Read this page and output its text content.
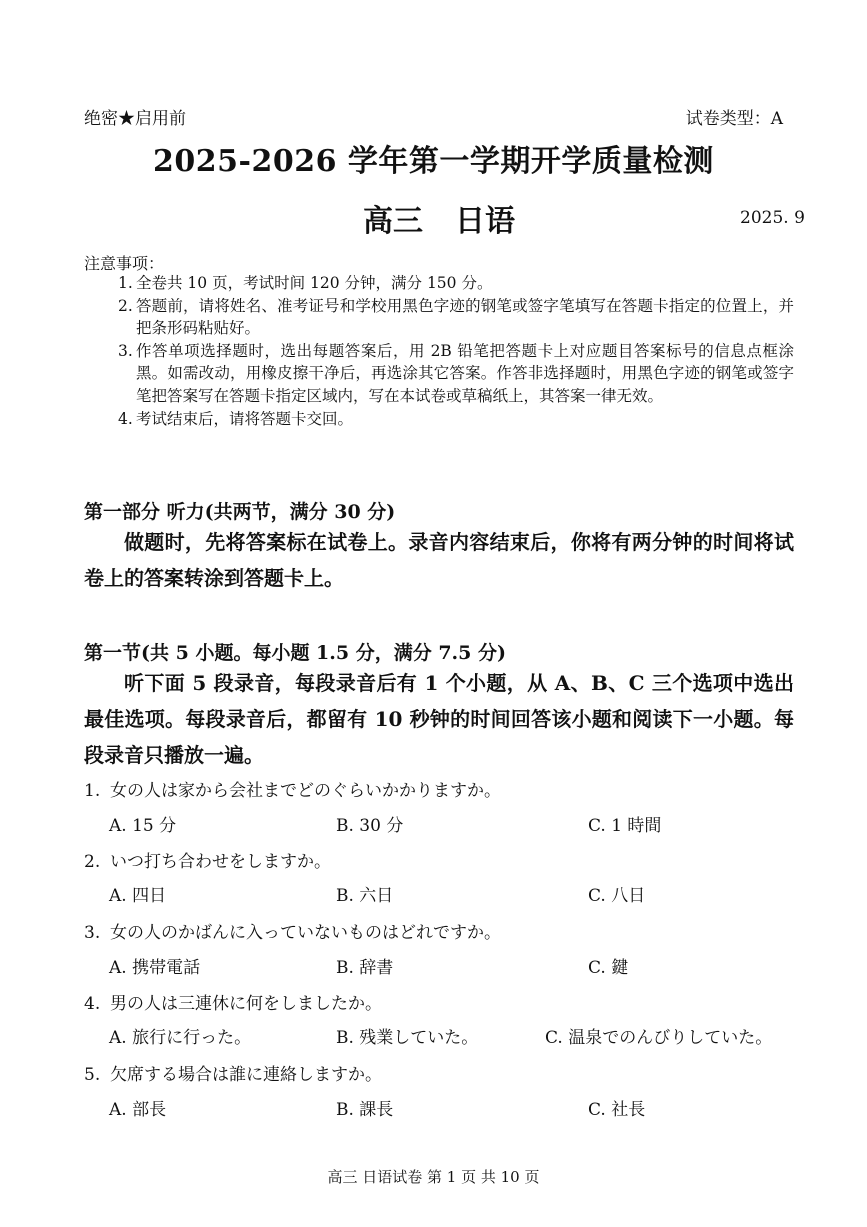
绝密★启用前	试卷类型：A
2025-2026 学年第一学期开学质量检测
高三 日语	2025. 9
注意事项：
1. 全卷共 10 页，考试时间 120 分钟，满分 150 分。
2. 答题前，请将姓名、准考证号和学校用黑色字迹的钢笔或签字笔填写在答题卡指定的位置上，并把条形码粘贴好。
3. 作答单项选择题时，选出每题答案后，用 2B 铅笔把答题卡上对应题目答案标号的信息点框涂黑。如需改动，用橡皮擦干净后，再选涂其它答案。作答非选择题时，用黑色字迹的钢笔或签字笔把答案写在答题卡指定区域内，写在本试卷或草稿纸上，其答案一律无效。
4. 考试结束后，请将答题卡交回。
第一部分 听力(共两节，满分 30 分)
做题时，先将答案标在试卷上。录音内容结束后，你将有两分钟的时间将试卷上的答案转涂到答题卡上。
第一节(共 5 小题。每小题 1.5 分，满分 7.5 分)
听下面 5 段录音，每段录音后有 1 个小题，从 A、B、C 三个选项中选出最佳选项。每段录音后，都留有 10 秒钟的时间回答该小题和阅读下一小题。每段录音只播放一遍。
1. 女の人は家から会社までどのぐらいかかりますか。
A. 15 分	B. 30 分	C. 1 時間
2. いつ打ち合わせをしますか。
A. 四日	B. 六日	C. 八日
3. 女の人のかばんに入っていないものはどれですか。
A. 携帯電話	B. 辞書	C. 鍵
4. 男の人は三連休に何をしましたか。
A. 旅行に行った。	B. 残業していた。	C. 温泉でのんびりしていた。
5. 欠席する場合は誰に連絡しますか。
A. 部長	B. 課長	C. 社長
高三 日语试卷 第 1 页 共 10 页
